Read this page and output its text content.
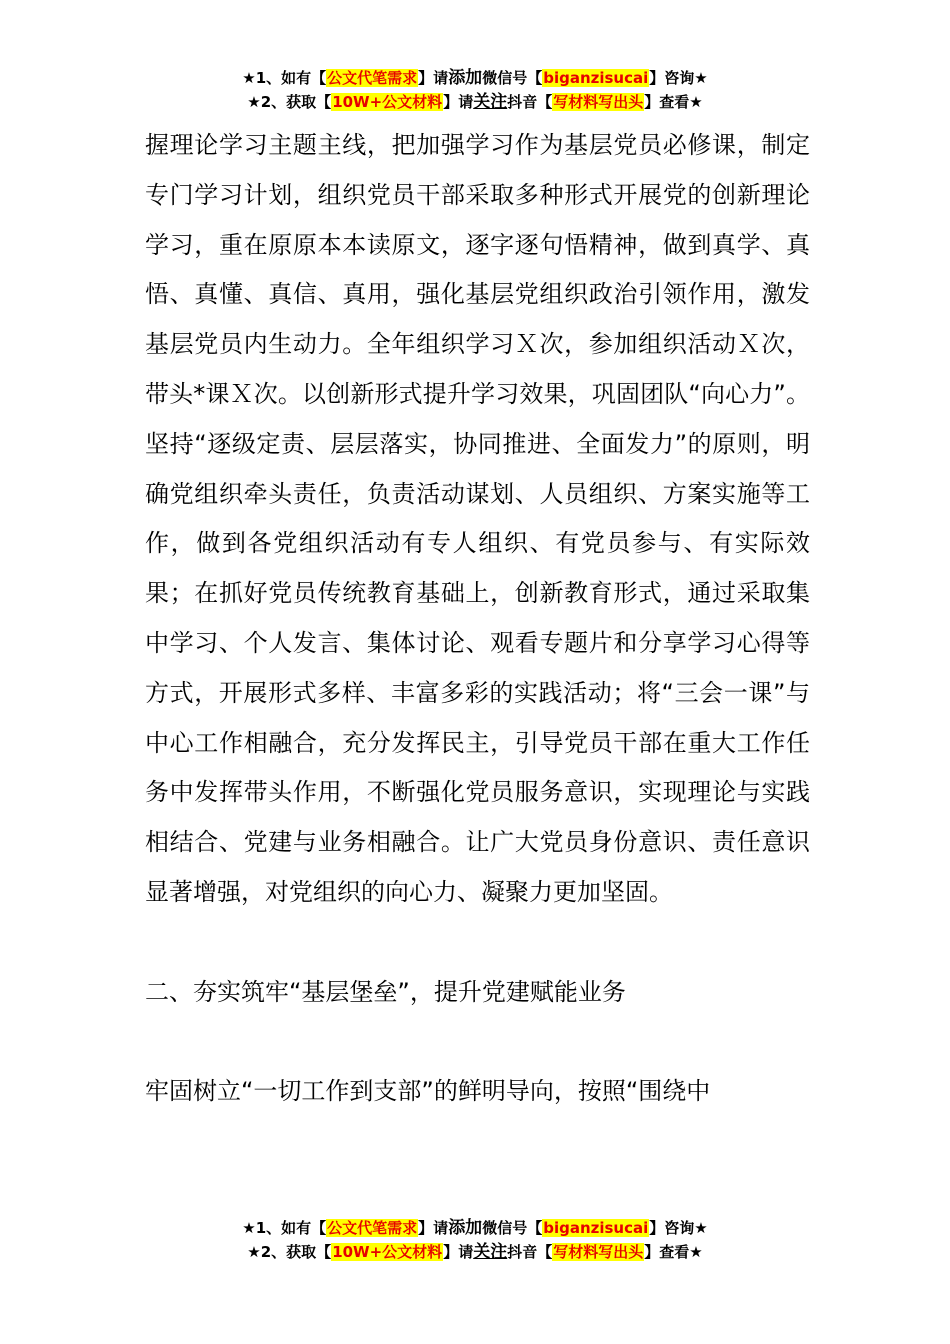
★1、如有【公文代笔需求】请添加微信号【biganzisucai】咨询★
★2、获取【10W+公文材料】请关注抖音【写材料写出头】查看★

握理论学习主题主线，把加强学习作为基层党员必修课，制定专门学习计划，组织党员干部采取多种形式开展党的创新理论学习，重在原原本本读原文，逐字逐句悟精神，做到真学、真悟、真懂、真信、真用，强化基层党组织政治引领作用，激发基层党员内生动力。全年组织学习Ｘ次，参加组织活动Ｘ次，带头*课Ｘ次。以创新形式提升学习效果，巩固团队“向心力”。坚持“逐级定责、层层落实，协同推进、全面发力”的原则，明确党组织牵头责任，负责活动谋划、人员组织、方案实施等工作，做到各党组织活动有专人组织、有党员参与、有实际效果；在抓好党员传统教育基础上，创新教育形式，通过采取集中学习、个人发言、集体讨论、观看专题片和分享学习心得等方式，开展形式多样、丰富多彩的实践活动；将“三会一课”与中心工作相融合，充分发挥民主，引导党员干部在重大工作任务中发挥带头作用，不断强化党员服务意识，实现理论与实践相结合、党建与业务相融合。让广大党员身份意识、责任意识显著增强，对党组织的向心力、凝聚力更加坚固。

二、夯实筑牢“基层堡垒”，提升党建赋能业务

牢固树立“一切工作到支部”的鲜明导向，按照“围绕中

★1、如有【公文代笔需求】请添加微信号【biganzisucai】咨询★
★2、获取【10W+公文材料】请关注抖音【写材料写出头】查看★
